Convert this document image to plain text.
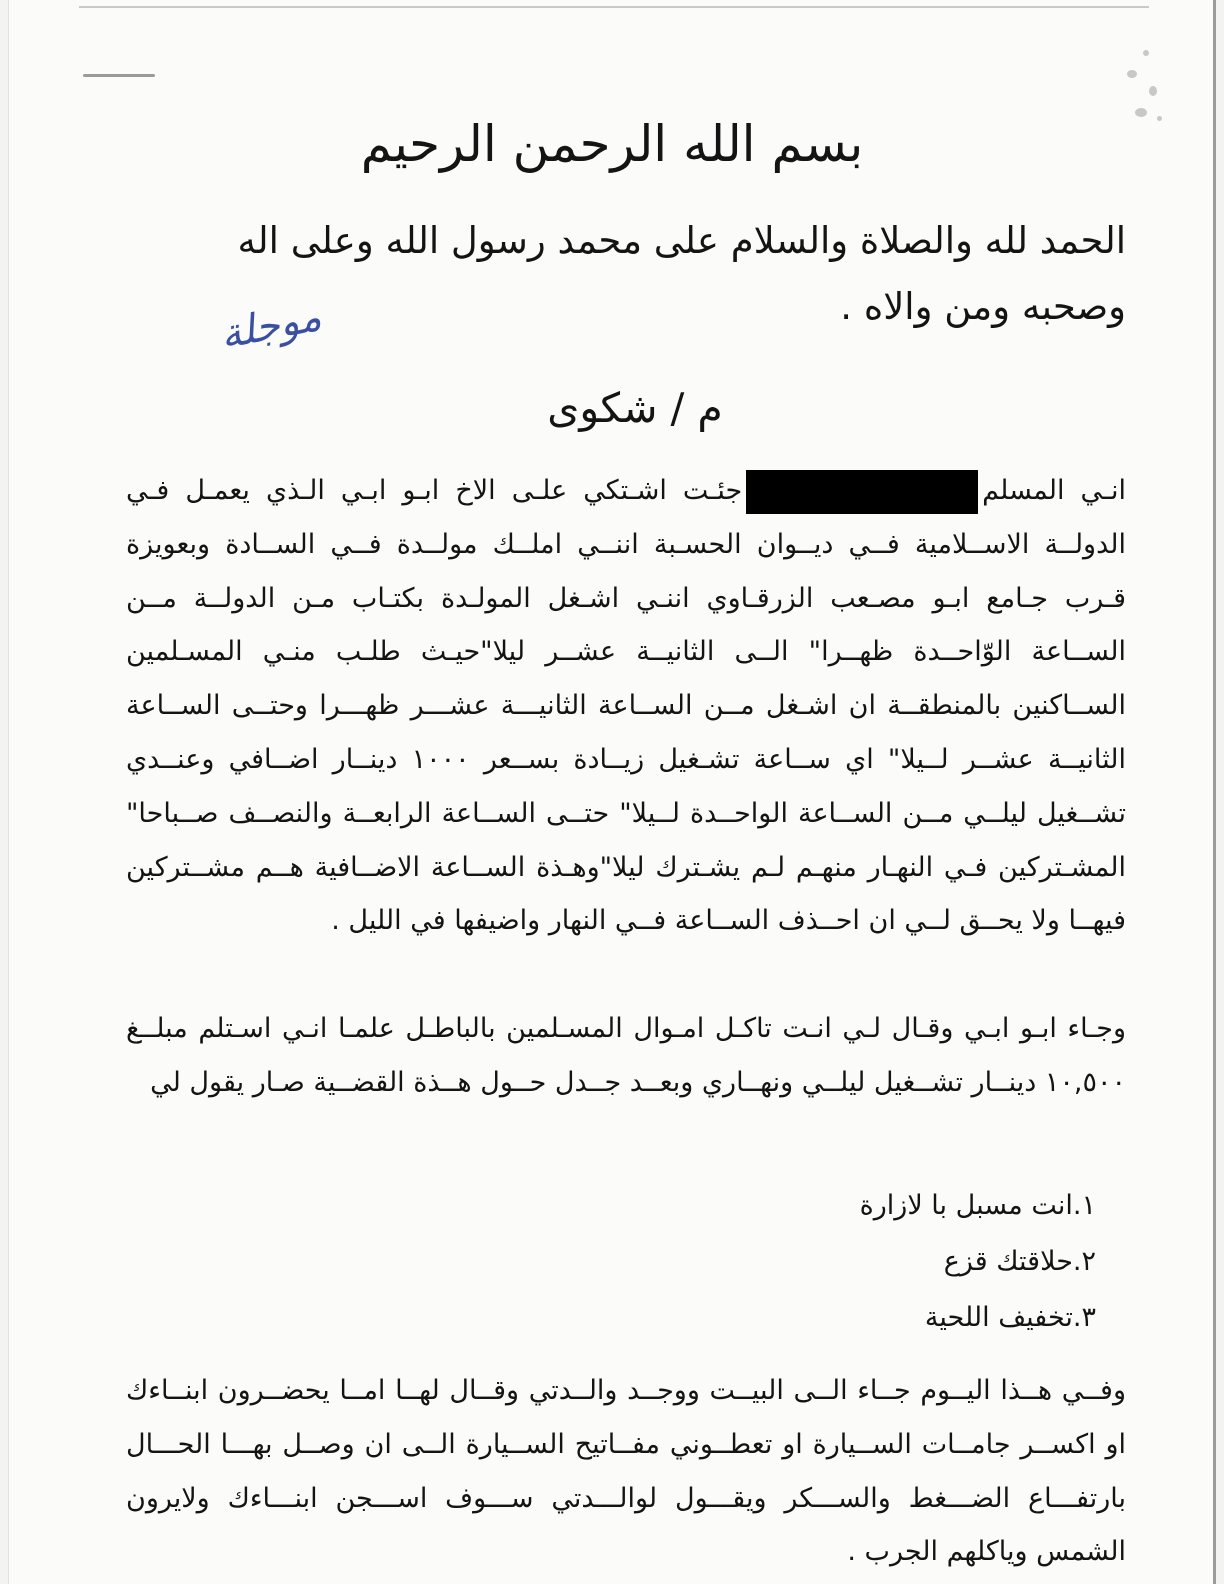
بسم الله الرحمن الرحيم

الحمد لله والصلاة والسلام على محمد رسول الله وعلى اله وصحبه ومن والاه .

موجلة
م / شكوى

انـي المسلمجئـت اشـتكي علـى الاخ ابـو ابـي الـذي يعمـل فـي الدولــة الاســلامية فــي ديــوان الحسـبة اننــي املــك مولــدة فــي الســادة وبعويزة قـرب جـامع ابـو مصـعب الزرقـاوي اننـي اشـغل المولـدة بكتـاب مـن الدولــة مــن الســاعة الوّاحــدة ظهــرا" الــى الثانيــة عشــر ليلا"حيـث طلـب منـي المسـلمين الســاكنين بالمنطقــة ان اشـغل مــن الســاعة الثانيـــة عشـــر ظهـــرا وحتــى الســاعة الثانيــة عشــر لــيلا" اي ســاعة تشـغيل زيــادة بســعر ١٠٠٠ دينــار اضــافي وعنــدي تشــغيل ليلــي مــن الســاعة الواحــدة لــيلا" حتــى الســاعة الرابعــة والنصــف صــباحا" المشـتركين فـي النهـار منهـم لـم يشـترك ليلا"وهـذة الســاعة الاضــافية هــم مشــتركين فيهــا ولا يحــق لــي ان احــذف الســاعة فــي النهار واضيفها في الليل .

وجـاء ابـو ابـي وقـال لـي انـت تاكـل امـوال المسـلمين بالباطـل علمـا انـي اسـتلم مبلــغ ١٠,٥٠٠ دينــار تشــغيل ليلــي ونهــاري وبعــد جــدل حــول هــذة القضــية صـار يقول لي

١.انت مسبل با لازارة
٢.حلاقتك قزع
٣.تخفيف اللحية

وفــي هــذا اليــوم جــاء الــى البيــت ووجــد والــدتي وقــال لهــا امــا يحضــرون ابنــاءك او اكســر جامــات الســيارة او تعطــوني مفــاتيح الســيارة الــى ان وصــل بهـــا الحـــال بارتفـــاع الضـــغط والســـكر ويقـــول لوالـــدتي ســـوف اســـجن ابنـــاءك ولايرون الشمس وياكلهم الجرب .
